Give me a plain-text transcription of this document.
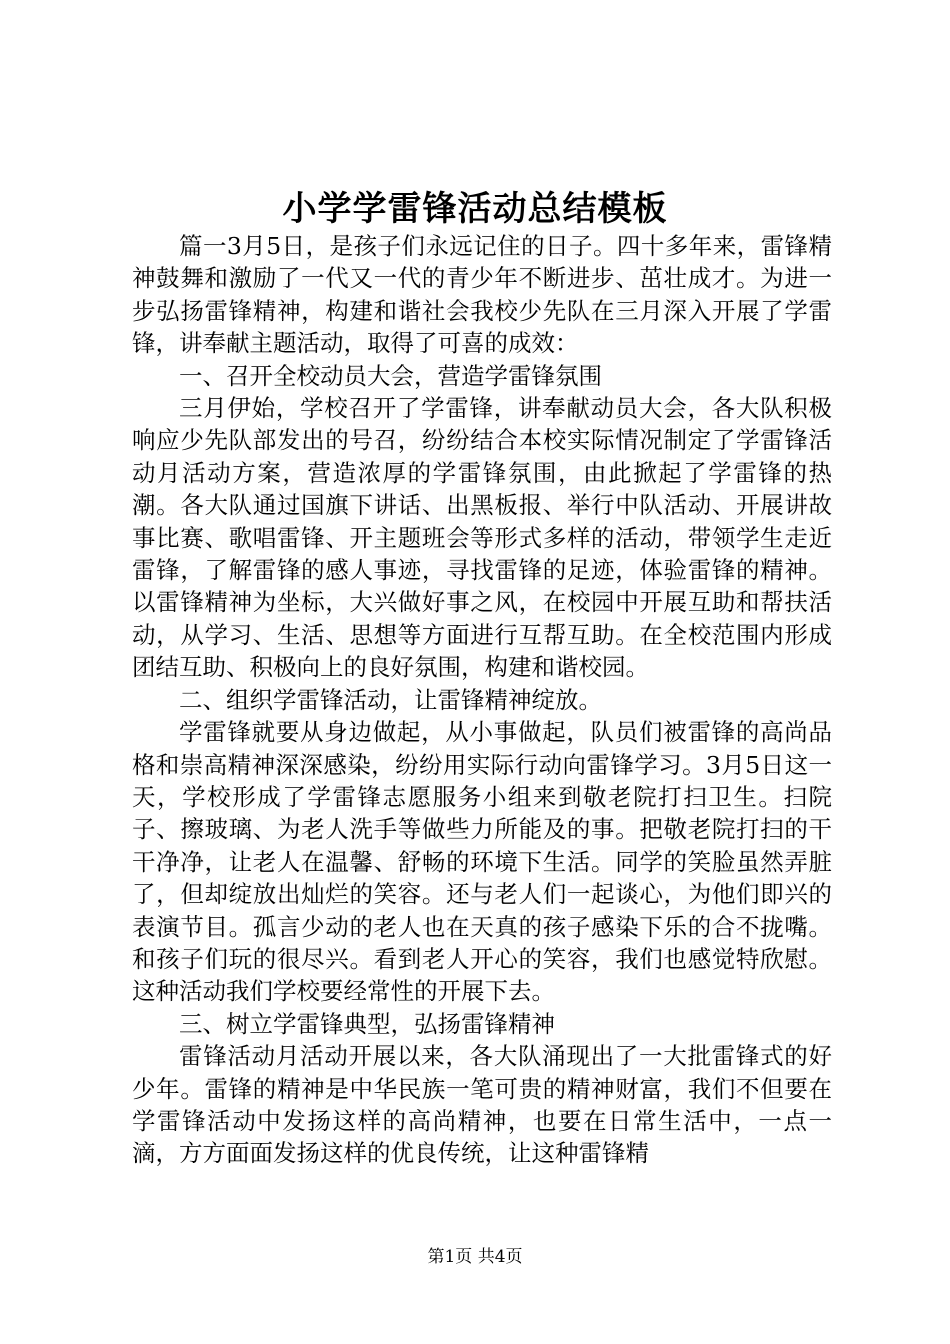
小学学雷锋活动总结模板

篇一3月5日，是孩子们永远记住的日子。四十多年来，雷锋精神鼓舞和激励了一代又一代的青少年不断进步、茁壮成才。为进一步弘扬雷锋精神，构建和谐社会我校少先队在三月深入开展了学雷锋，讲奉献主题活动，取得了可喜的成效：

一、召开全校动员大会，营造学雷锋氛围

三月伊始，学校召开了学雷锋，讲奉献动员大会，各大队积极响应少先队部发出的号召，纷纷结合本校实际情况制定了学雷锋活动月活动方案，营造浓厚的学雷锋氛围，由此掀起了学雷锋的热潮。各大队通过国旗下讲话、出黑板报、举行中队活动、开展讲故事比赛、歌唱雷锋、开主题班会等形式多样的活动，带领学生走近雷锋，了解雷锋的感人事迹，寻找雷锋的足迹，体验雷锋的精神。以雷锋精神为坐标，大兴做好事之风，在校园中开展互助和帮扶活动，从学习、生活、思想等方面进行互帮互助。在全校范围内形成团结互助、积极向上的良好氛围，构建和谐校园。

二、组织学雷锋活动，让雷锋精神绽放。

学雷锋就要从身边做起，从小事做起，队员们被雷锋的高尚品格和崇高精神深深感染，纷纷用实际行动向雷锋学习。3月5日这一天，学校形成了学雷锋志愿服务小组来到敬老院打扫卫生。扫院子、擦玻璃、为老人洗手等做些力所能及的事。把敬老院打扫的干干净净，让老人在温馨、舒畅的环境下生活。同学的笑脸虽然弄脏了，但却绽放出灿烂的笑容。还与老人们一起谈心，为他们即兴的表演节目。孤言少动的老人也在天真的孩子感染下乐的合不拢嘴。和孩子们玩的很尽兴。看到老人开心的笑容，我们也感觉特欣慰。这种活动我们学校要经常性的开展下去。

三、树立学雷锋典型，弘扬雷锋精神

雷锋活动月活动开展以来，各大队涌现出了一大批雷锋式的好少年。雷锋的精神是中华民族一笔可贵的精神财富，我们不但要在学雷锋活动中发扬这样的高尚精神，也要在日常生活中，一点一滴，方方面面发扬这样的优良传统，让这种雷锋精

第1页 共4页
